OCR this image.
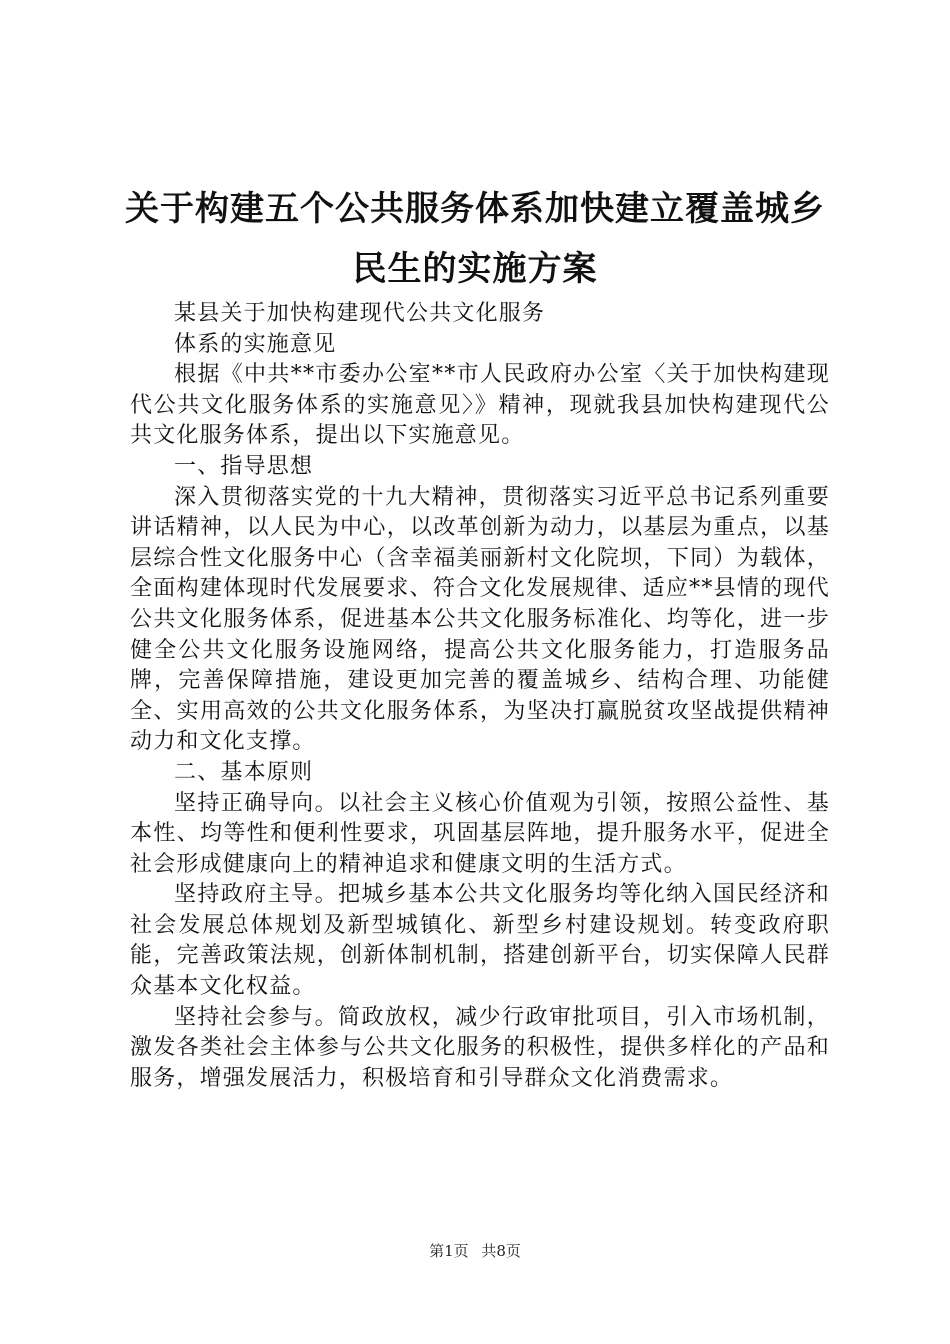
关于构建五个公共服务体系加快建立覆盖城乡
民生的实施方案

某县关于加快构建现代公共文化服务

体系的实施意见

根据《中共**市委办公室**市人民政府办公室〈关于加快构建现代公共文化服务体系的实施意见〉》精神，现就我县加快构建现代公共文化服务体系，提出以下实施意见。

一、指导思想

深入贯彻落实党的十九大精神，贯彻落实习近平总书记系列重要讲话精神，以人民为中心，以改革创新为动力，以基层为重点，以基层综合性文化服务中心（含幸福美丽新村文化院坝，下同）为载体，全面构建体现时代发展要求、符合文化发展规律、适应**县情的现代公共文化服务体系，促进基本公共文化服务标准化、均等化，进一步健全公共文化服务设施网络，提高公共文化服务能力，打造服务品牌，完善保障措施，建设更加完善的覆盖城乡、结构合理、功能健全、实用高效的公共文化服务体系，为坚决打赢脱贫攻坚战提供精神动力和文化支撑。

二、基本原则

坚持正确导向。以社会主义核心价值观为引领，按照公益性、基本性、均等性和便利性要求，巩固基层阵地，提升服务水平，促进全社会形成健康向上的精神追求和健康文明的生活方式。

坚持政府主导。把城乡基本公共文化服务均等化纳入国民经济和社会发展总体规划及新型城镇化、新型乡村建设规划。转变政府职能，完善政策法规，创新体制机制，搭建创新平台，切实保障人民群众基本文化权益。

坚持社会参与。简政放权，减少行政审批项目，引入市场机制，激发各类社会主体参与公共文化服务的积极性，提供多样化的产品和服务，增强发展活力，积极培育和引导群众文化消费需求。

第1页 共8页
